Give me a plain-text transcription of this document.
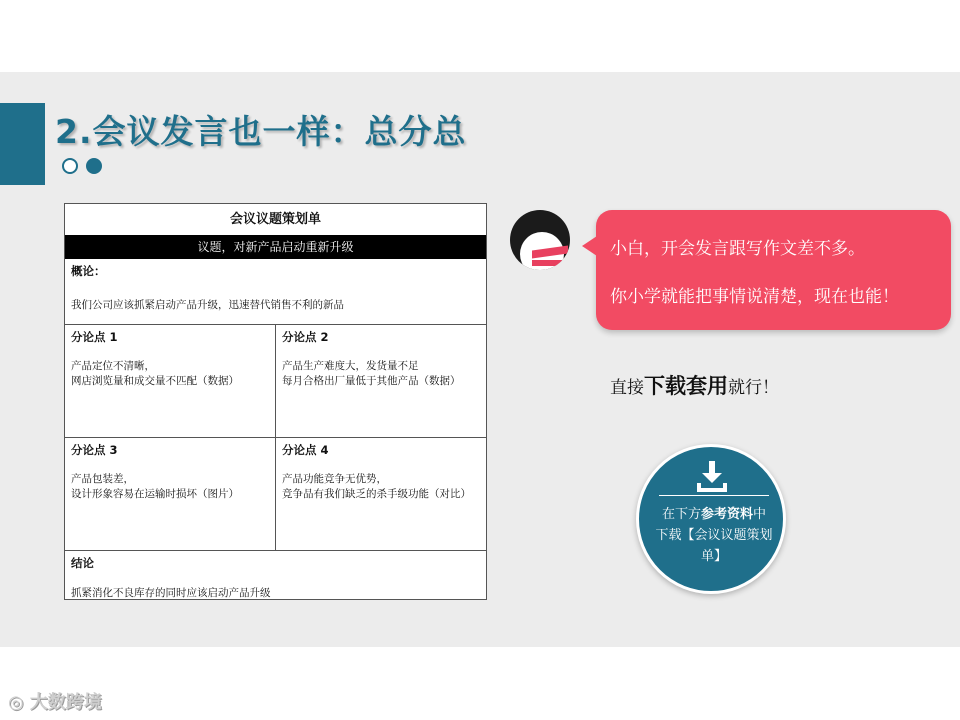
2.会议发言也一样：总分总
会议议题策划单
议题，对新产品启动重新升级
概论：
我们公司应该抓紧启动产品升级，迅速替代销售不利的新品
分论点 1
产品定位不清晰，
网店浏览量和成交量不匹配（数据）
分论点 2
产品生产难度大，发货量不足
每月合格出厂量低于其他产品（数据）
分论点 3
产品包装差，
设计形象容易在运输时损坏（图片）
分论点 4
产品功能竞争无优势，
竞争品有我们缺乏的杀手级功能（对比）
结论
抓紧消化不良库存的同时应该启动产品升级
小白，开会发言跟写作文差不多。
你小学就能把事情说清楚，现在也能！
直接下载套用就行！
在下方参考资料中
下载【会议议题策划单】
◎ 大数跨境
